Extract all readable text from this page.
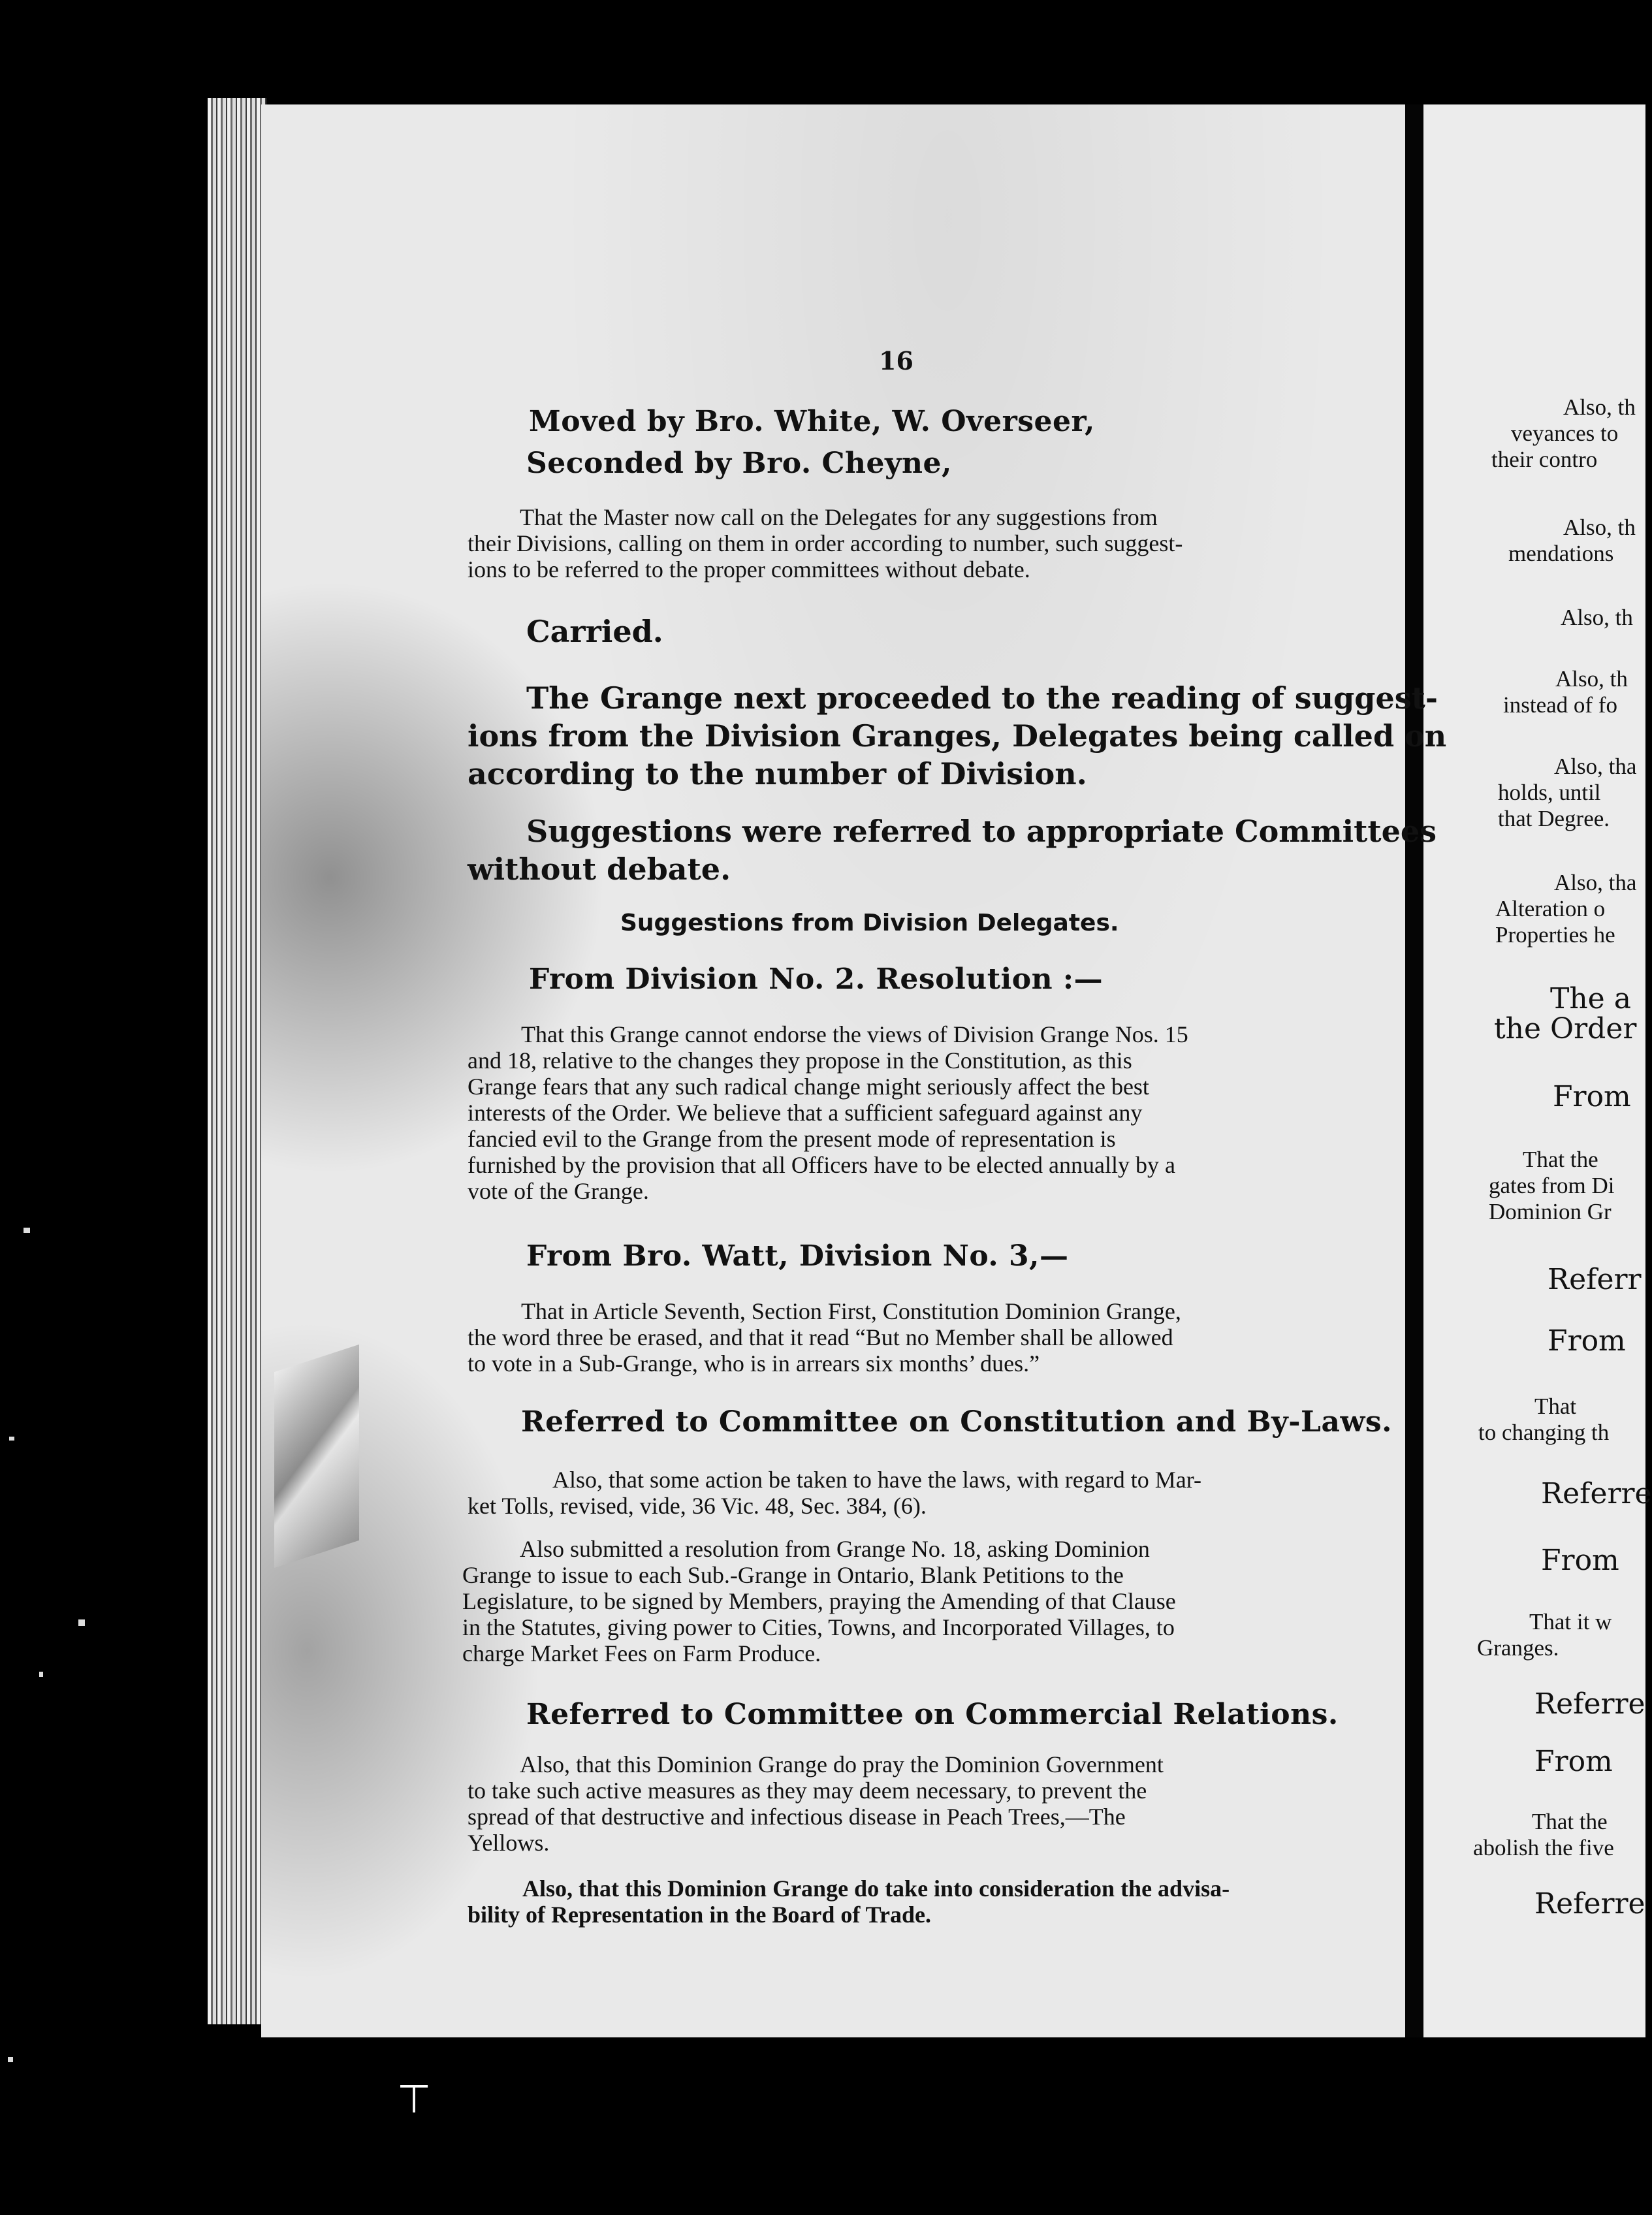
⊤
16
Moved by Bro. White, W. Overseer,
Seconded by Bro. Cheyne,
That the Master now call on the Delegates for any suggestions from
their Divisions, calling on them in order according to number, such suggest-
ions to be referred to the proper committees without debate.
Carried.
The Grange next proceeded to the reading of suggest-
ions from the Division Granges, Delegates being called on
according to the number of Division.
Suggestions were referred to appropriate Committees
without debate.
Suggestions from Division Delegates.
From Division No. 2. Resolution :—
That this Grange cannot endorse the views of Division Grange Nos. 15
and 18, relative to the changes they propose in the Constitution, as this
Grange fears that any such radical change might seriously affect the best
interests of the Order. We believe that a sufficient safeguard against any
fancied evil to the Grange from the present mode of representation is
furnished by the provision that all Officers have to be elected annually by a
vote of the Grange.
From Bro. Watt, Division No. 3,—
That in Article Seventh, Section First, Constitution Dominion Grange,
the word three be erased, and that it read “But no Member shall be allowed
to vote in a Sub-Grange, who is in arrears six months’ dues.”
Referred to Committee on Constitution and By-Laws.
Also, that some action be taken to have the laws, with regard to Mar-
ket Tolls, revised, vide, 36 Vic. 48, Sec. 384, (6).
Also submitted a resolution from Grange No. 18, asking Dominion
Grange to issue to each Sub.-Grange in Ontario, Blank Petitions to the
Legislature, to be signed by Members, praying the Amending of that Clause
in the Statutes, giving power to Cities, Towns, and Incorporated Villages, to
charge Market Fees on Farm Produce.
Referred to Committee on Commercial Relations.
Also, that this Dominion Grange do pray the Dominion Government
to take such active measures as they may deem necessary, to prevent the
spread of that destructive and infectious disease in Peach Trees,—The
Yellows.
Also, that this Dominion Grange do take into consideration the advisa-
bility of Representation in the Board of Trade.
Also, th
veyances to
their contro
Also, th
mendations
Also, th
Also, th
instead of fo
Also, tha
holds, until
that Degree.
Also, tha
Alteration o
Properties he
The a
the Order
From
That the
gates from Di
Dominion Gr
Referr
From
That
to changing th
Referre
From
That it w
Granges.
Referre
From
That the
abolish the five
Referre
